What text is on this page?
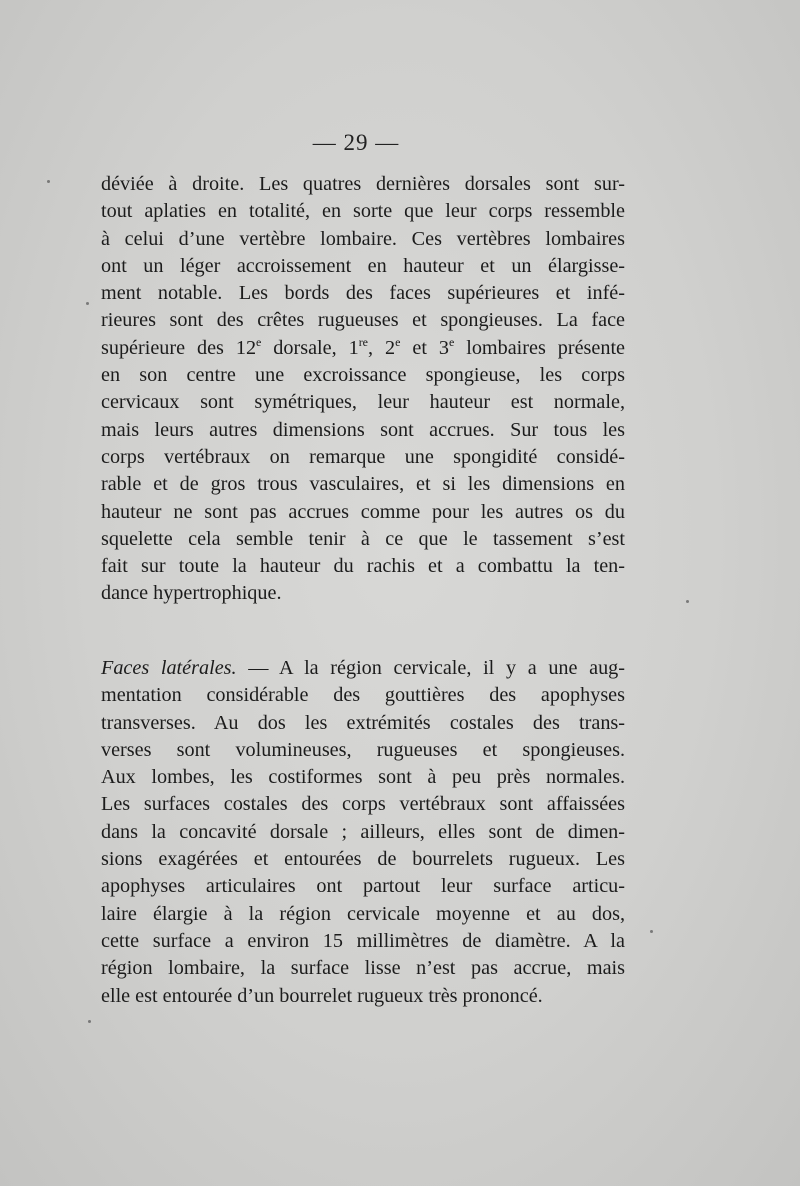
— 29 —
déviée à droite. Les quatres dernières dorsales sont sur-
tout aplaties en totalité, en sorte que leur corps ressemble
à celui d’une vertèbre lombaire. Ces vertèbres lombaires
ont un léger accroissement en hauteur et un élargisse-
ment notable. Les bords des faces supérieures et infé-
rieures sont des crêtes rugueuses et spongieuses. La face
supérieure des 12e dorsale, 1re, 2e et 3e lombaires présente
en son centre une excroissance spongieuse, les corps
cervicaux sont symétriques, leur hauteur est normale,
mais leurs autres dimensions sont accrues. Sur tous les
corps vertébraux on remarque une spongidité considé-
rable et de gros trous vasculaires, et si les dimensions en
hauteur ne sont pas accrues comme pour les autres os du
squelette cela semble tenir à ce que le tassement s’est
fait sur toute la hauteur du rachis et a combattu la ten-
dance hypertrophique.
Faces latérales. — A la région cervicale, il y a une aug-
mentation considérable des gouttières des apophyses
transverses. Au dos les extrémités costales des trans-
verses sont volumineuses, rugueuses et spongieuses.
Aux lombes, les costiformes sont à peu près normales.
Les surfaces costales des corps vertébraux sont affaissées
dans la concavité dorsale ; ailleurs, elles sont de dimen-
sions exagérées et entourées de bourrelets rugueux. Les
apophyses articulaires ont partout leur surface articu-
laire élargie à la région cervicale moyenne et au dos,
cette surface a environ 15 millimètres de diamètre. A la
région lombaire, la surface lisse n’est pas accrue, mais
elle est entourée d’un bourrelet rugueux très prononcé.
